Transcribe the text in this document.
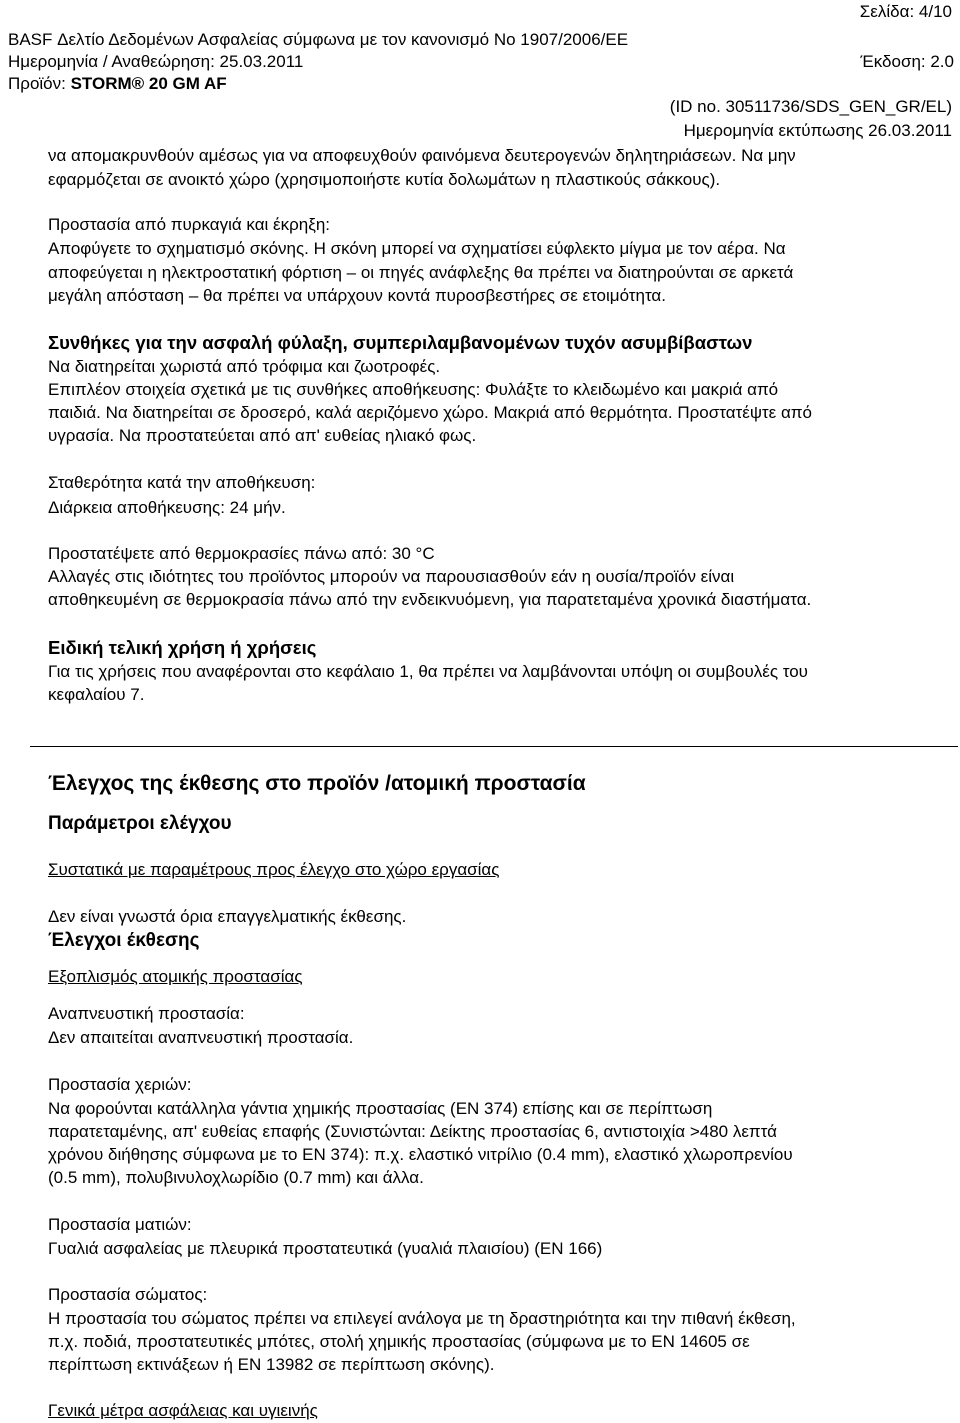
Σελίδα: 4/10
BASF Δελτίο Δεδομένων Ασφαλείας σύμφωνα με τον κανονισμό No 1907/2006/ΕΕ
Ημερομηνία / Αναθεώρηση: 25.03.2011	Έκδοση: 2.0
Προϊόν: STORM® 20 GM AF
(ID no. 30511736/SDS_GEN_GR/EL)
Ημερομηνία εκτύπωσης 26.03.2011
να απομακρυνθούν αμέσως για να αποφευχθούν φαινόμενα δευτερογενών δηλητηριάσεων. Να μην
εφαρμόζεται σε ανοικτό χώρο (χρησιμοποιήστε κυτία δολωμάτων η πλαστικούς σάκκους).
Προστασία από πυρκαγιά και έκρηξη:
Αποφύγετε το σχηματισμό σκόνης. Η σκόνη μπορεί να σχηματίσει εύφλεκτο μίγμα με τον αέρα. Να
αποφεύγεται η ηλεκτροστατική φόρτιση – οι πηγές ανάφλεξης θα πρέπει να διατηρούνται σε αρκετά
μεγάλη απόσταση – θα πρέπει να υπάρχουν κοντά πυροσβεστήρες σε ετοιμότητα.
Συνθήκες για την ασφαλή φύλαξη, συμπεριλαμβανομένων τυχόν ασυμβίβαστων
Να διατηρείται χωριστά από τρόφιμα και ζωοτροφές.
Επιπλέον στοιχεία σχετικά με τις συνθήκες αποθήκευσης: Φυλάξτε το κλειδωμένο και μακριά από
παιδιά. Να διατηρείται σε δροσερό, καλά αεριζόμενο χώρο. Μακριά από θερμότητα. Προστατέψτε από
υγρασία. Να προστατεύεται από απ' ευθείας ηλιακό φως.
Σταθερότητα κατά την αποθήκευση:
Διάρκεια αποθήκευσης: 24 μήν.
Προστατέψετε από θερμοκρασίες πάνω από: 30 °C
Αλλαγές στις ιδιότητες του προϊόντος μπορούν να παρουσιασθούν εάν η ουσία/προϊόν είναι
αποθηκευμένη σε θερμοκρασία πάνω από την ενδεικνυόμενη, για παρατεταμένα χρονικά διαστήματα.
Ειδική τελική χρήση ή χρήσεις
Για τις χρήσεις που αναφέρονται στο κεφάλαιο 1, θα πρέπει να λαμβάνονται υπόψη οι συμβουλές του
κεφαλαίου 7.
Έλεγχος της έκθεσης στο προϊόν /ατομική προστασία
Παράμετροι ελέγχου
Συστατικά με παραμέτρους προς έλεγχο στο χώρο εργασίας
Δεν είναι γνωστά όρια επαγγελματικής έκθεσης.
Έλεγχοι έκθεσης
Εξοπλισμός ατομικής προστασίας
Αναπνευστική προστασία:
Δεν απαιτείται αναπνευστική προστασία.
Προστασία χεριών:
Να φορούνται κατάλληλα γάντια χημικής προστασίας (EN 374) επίσης και σε περίπτωση
παρατεταμένης, απ' ευθείας επαφής (Συνιστώνται: Δείκτης προστασίας 6, αντιστοιχία >480 λεπτά
χρόνου διήθησης σύμφωνα με το EN 374): π.χ. ελαστικό νιτρίλιο (0.4 mm), ελαστικό χλωροπρενίου
(0.5 mm), πολυβινυλοχλωρίδιο (0.7 mm) και άλλα.
Προστασία ματιών:
Γυαλιά ασφαλείας με πλευρικά προστατευτικά (γυαλιά πλαισίου) (EN 166)
Προστασία σώματος:
Η προστασία του σώματος πρέπει να επιλεγεί ανάλογα με τη δραστηριότητα και την πιθανή έκθεση,
π.χ. ποδιά, προστατευτικές μπότες, στολή χημικής προστασίας (σύμφωνα με το EN 14605 σε
περίπτωση εκτινάξεων ή EN 13982 σε περίπτωση σκόνης).
Γενικά μέτρα ασφάλειας και υγιεινής
